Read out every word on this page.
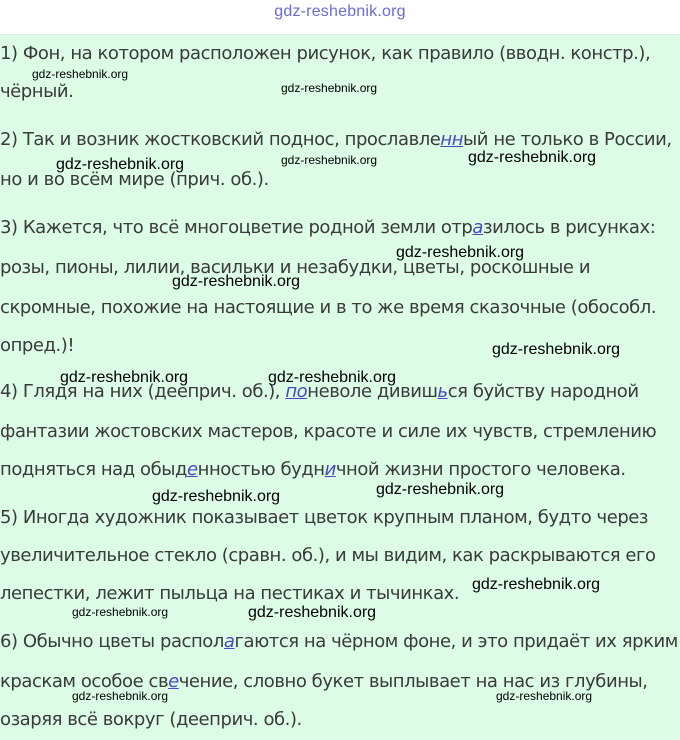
gdz-reshebnik.org
1) Фон, на котором расположен рисунок, как правило (вводн. констр.),
чёрный.
2) Так и возник жостковский поднос, прославленный не только в России,
но и во всём мире (прич. об.).
3) Кажется, что всё многоцветие родной земли отразилось в рисунках:
розы, пионы, лилии, васильки и незабудки, цветы, роскошные и
скромные, похожие на настоящие и в то же время сказочные (обособл.
опред.)!
4) Глядя на них (дееприч. об.), поневоле дивишься буйству народной
фантазии жостовских мастеров, красоте и силе их чувств, стремлению
подняться над обыденностью будничной жизни простого человека.
5) Иногда художник показывает цветок крупным планом, будто через
увеличительное стекло (сравн. об.), и мы видим, как раскрываются его
лепестки, лежит пыльца на пестиках и тычинках.
6) Обычно цветы располагаются на чёрном фоне, и это придаёт их ярким
краскам особое свечение, словно букет выплывает на нас из глубины,
озаряя всё вокруг (дееприч. об.).
gdz-reshebnik.org
gdz-reshebnik.org
gdz-reshebnik.org	gdz-reshebnik.org	gdz-reshebnik.org
gdz-reshebnik.org
gdz-reshebnik.org
gdz-reshebnik.org
gdz-reshebnik.org	gdz-reshebnik.org
gdz-reshebnik.org	gdz-reshebnik.org
gdz-reshebnik.org
gdz-reshebnik.org	gdz-reshebnik.org
gdz-reshebnik.org	gdz-reshebnik.org
